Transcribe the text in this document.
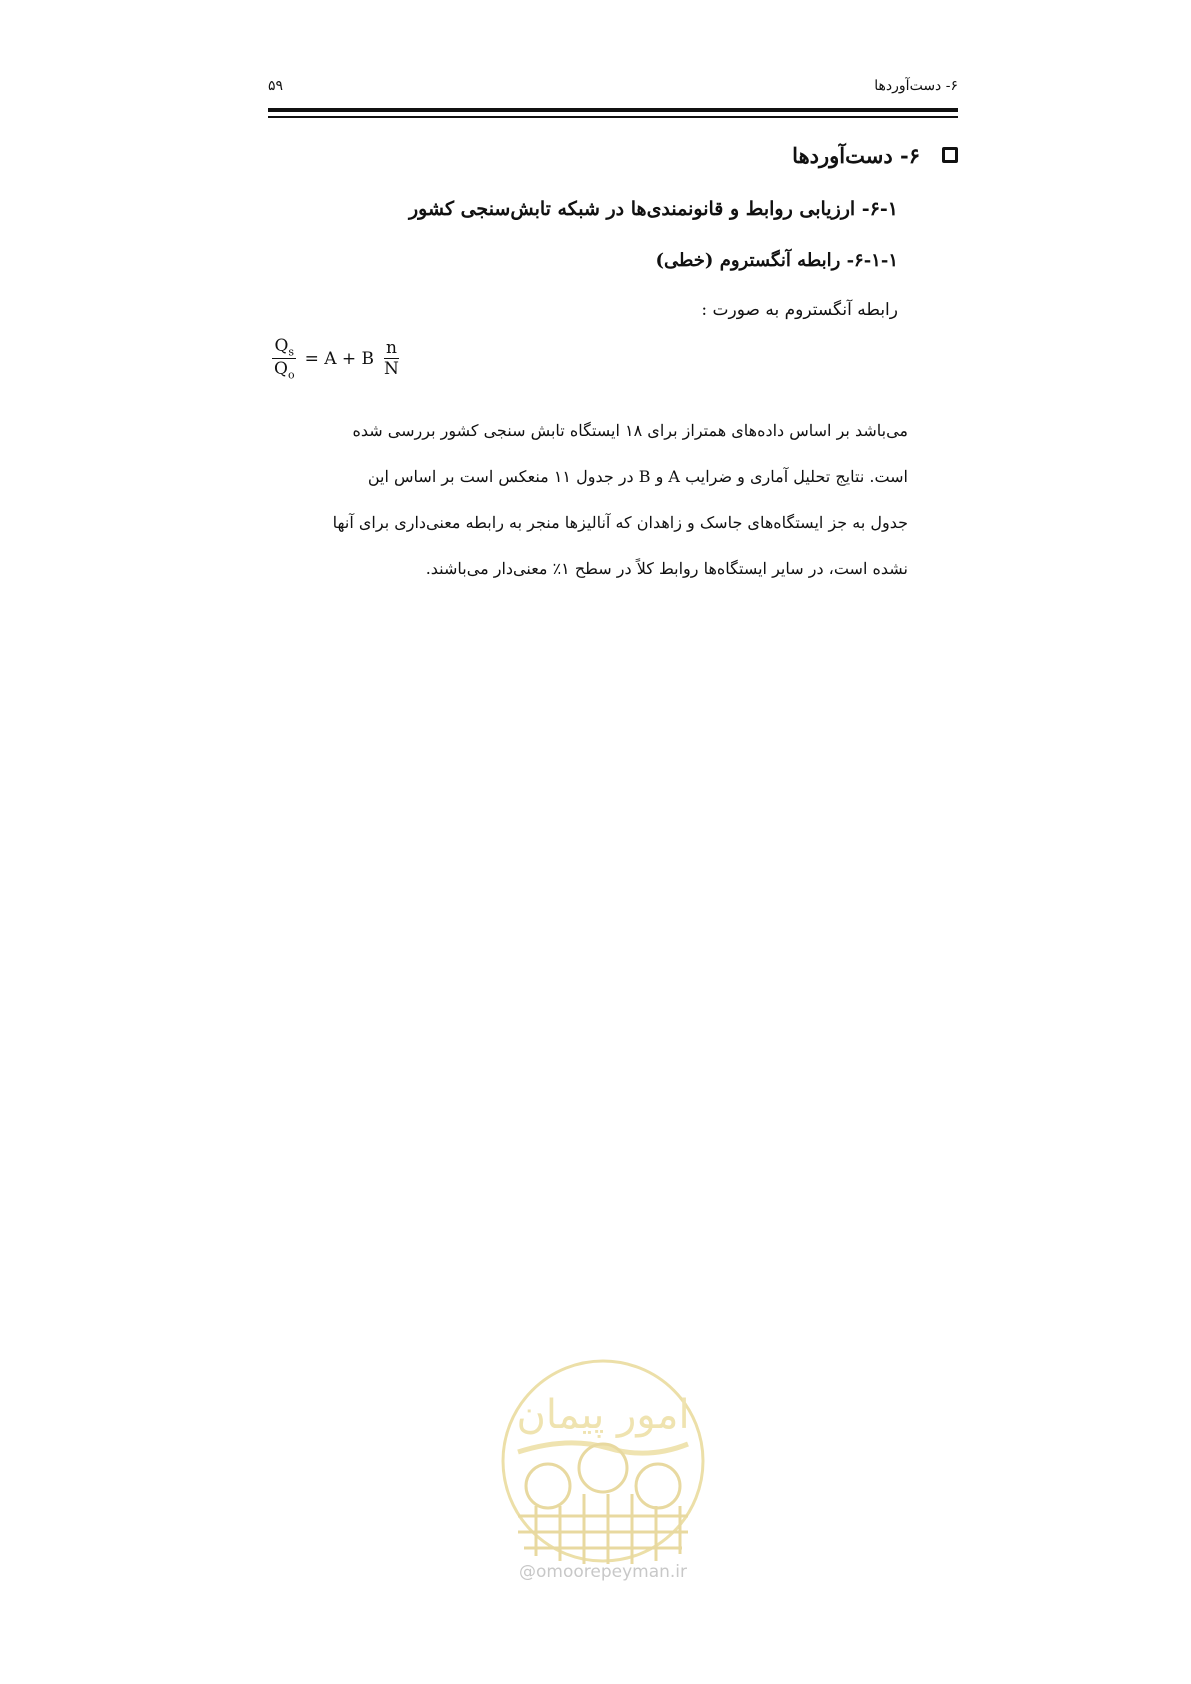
۶- دست‌آوردها
۵۹
۶- دست‌آوردها
۶-۱- ارزیابی روابط و قانونمندی‌ها در شبکه تابش‌سنجی کشور
۶-۱-۱- رابطه آنگستروم (خطی)
رابطه آنگستروم به صورت :
$\frac{Q_s}{Q_o} = A + B \frac{n}{N}$

می‌باشد بر اساس داده‌های همتراز برای ۱۸ ایستگاه تابش سنجی کشور بررسی شده

است. نتایج تحلیل آماری و ضرایب A و B در جدول ۱۱ منعکس است بر اساس این

جدول به جز ایستگاه‌های جاسک و زاهدان که آنالیزها منجر به رابطه معنی‌داری برای آنها

نشده است، در سایر ایستگاه‌ها روابط کلاً در سطح ۱٪ معنی‌دار می‌باشند.

امور پیمان
@omoorepeyman.ir
